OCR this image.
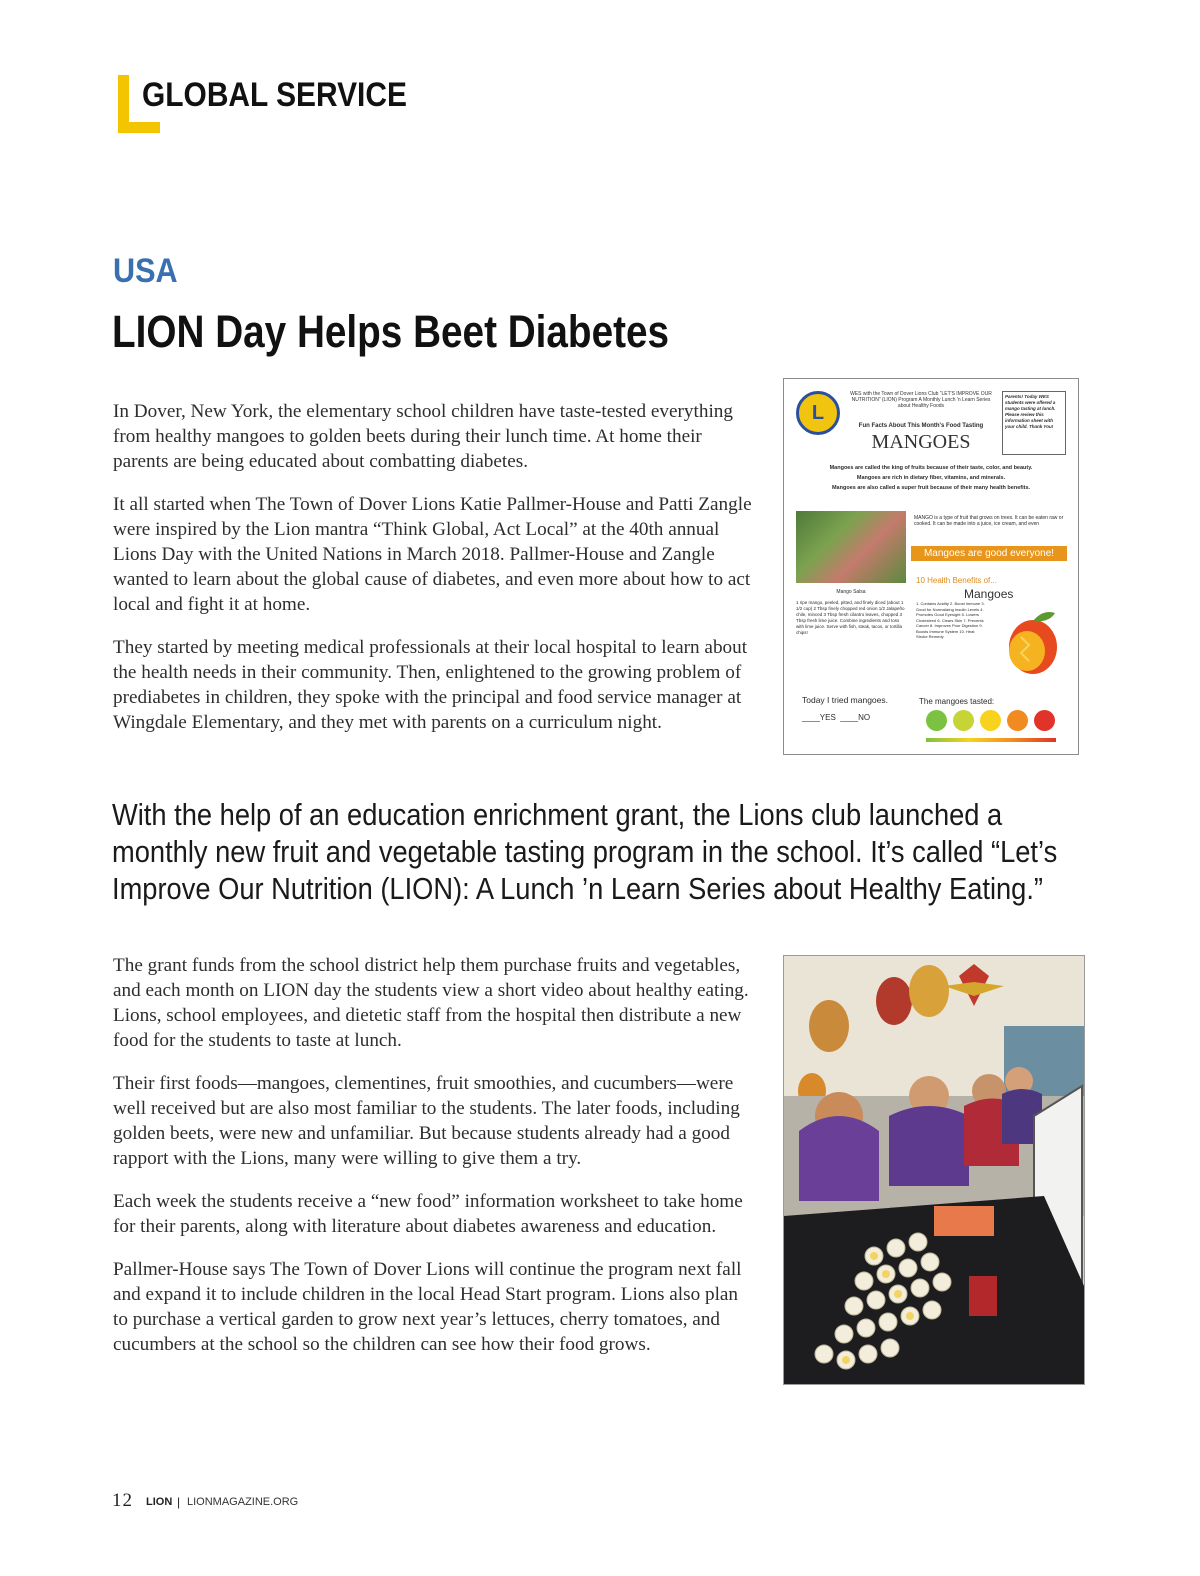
GLOBAL SERVICE
USA
LION Day Helps Beet Diabetes

In Dover, New York, the elementary school children have taste-tested everything from healthy mangoes to golden beets during their lunch time. At home their parents are being educated about combatting diabetes.

It all started when The Town of Dover Lions Katie Pallmer-House and Patti Zangle were inspired by the Lion mantra “Think Global, Act Local” at the 40th annual Lions Day with the United Nations in March 2018. Pallmer-House and Zangle wanted to learn about the global cause of diabetes, and even more about how to act local and fight it at home.

They started by meeting medical professionals at their local hospital to learn about the health needs in their community. Then, enlightened to the growing problem of prediabetes in children, they spoke with the principal and food service manager at Wingdale Elementary, and they met with parents on a curriculum night.

L
WES with the Town of Dover Lions Club “LET'S IMPROVE OUR NUTRITION” (LION) Program A Monthly Lunch 'n Learn Series about Healthy Foods
Fun Facts About This Month's Food Tasting
MANGOES
Parents! Today WES students were offered a mango tasting at lunch. Please review this information sheet with your child. Thank You!
Mangoes are called the king of fruits because of their taste, color, and beauty.
Mangoes are rich in dietary fiber, vitamins, and minerals.
Mangoes are also called a super fruit because of their many health benefits.
MANGO is a type of fruit that grows on trees. It can be eaten raw or cooked. It can be made into a juice, ice cream, and even
Mangoes are good everyone!
Mango Salsa
1 ripe mango, peeled, pitted, and finely diced (about 1 1/2 cup) 2 Tbsp finely chopped red onion 1/2 Jalapeño chile, minced 3 Tbsp fresh cilantro leaves, chopped 3 Tbsp fresh lime juice. Combine ingredients and toss with lime juice. Serve with fish, steak, tacos, or tortilla chips!
10 Health Benefits of...
Mangoes
1. Contains Acidity 2. Boost Immune 3. Good for Normalizing Insulin Levels 4. Promotes Good Eyesight 5. Lowers Cholesterol 6. Clears Skin 7. Prevents Cancer 8. Improves Poor Digestion 9. Boosts Immune System 10. Heat Stroke Remedy
Today I tried mangoes.
____YES ____NO
The mangoes tasted:

With the help of an education enrichment grant, the Lions club launched a monthly new fruit and vegetable tasting program in the school. It’s called “Let’s Improve Our Nutrition (LION): A Lunch ’n Learn Series about Healthy Eating.”

The grant funds from the school district help them purchase fruits and vegetables, and each month on LION day the students view a short video about healthy eating. Lions, school employees, and dietetic staff from the hospital then distribute a new food for the students to taste at lunch.

Their first foods—mangoes, clementines, fruit smoothies, and cucumbers—were well received but are also most familiar to the students. The later foods, including golden beets, were new and unfamiliar. But because students already had a good rapport with the Lions, many were willing to give them a try.

Each week the students receive a “new food” information worksheet to take home for their parents, along with literature about diabetes awareness and education.

Pallmer-House says The Town of Dover Lions will continue the program next fall and expand it to include children in the local Head Start program. Lions also plan to purchase a vertical garden to grow next year’s lettuces, cherry tomatoes, and cucumbers at the school so the children can see how their food grows.

12 LION | LIONMAGAZINE.ORG
